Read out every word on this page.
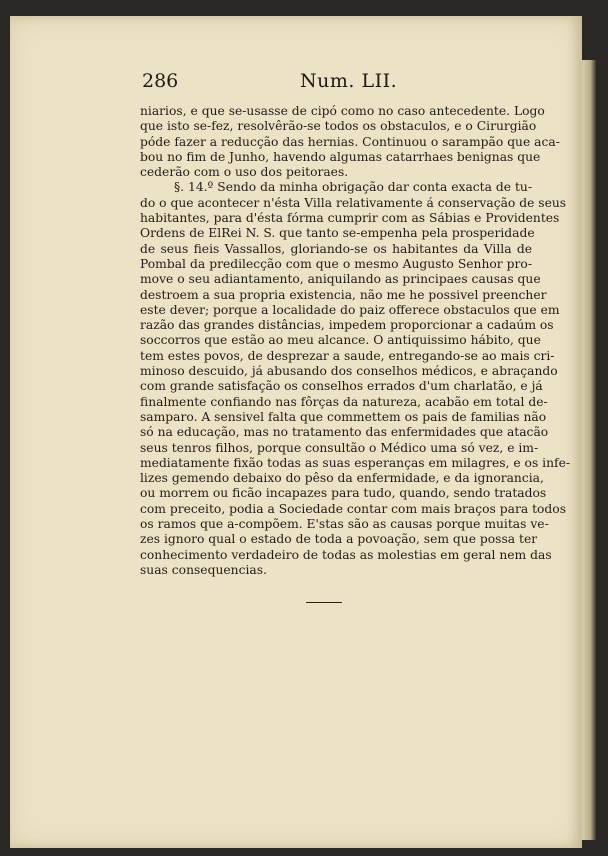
286	Num. LII.
niarios, e que se-usasse de cipó como no caso antecedente. Logo
que isto se-fez, resolvêrão-se todos os obstaculos, e o Cirurgião
póde fazer a reducção das hernias. Continuou o sarampão que aca-
bou no fim de Junho, havendo algumas catarrhaes benignas que
cederão com o uso dos peitoraes.
§. 14.º Sendo da minha obrigação dar conta exacta de tu-
do o que acontecer n'ésta Villa relativamente á conservação de seus
habitantes, para d'ésta fórma cumprir com as Sábias e Providentes
Ordens de ElRei N. S. que tanto se-empenha pela prosperidade
de seus fieis Vassallos, gloriando-se os habitantes da Villa de
Pombal da predilecção com que o mesmo Augusto Senhor pro-
move o seu adiantamento, aniquilando as principaes causas que
destroem a sua propria existencia, não me he possivel preencher
este dever; porque a localidade do paiz offerece obstaculos que em
razão das grandes distâncias, impedem proporcionar a cadaúm os
soccorros que estão ao meu alcance. O antiquissimo hábito, que
tem estes povos, de desprezar a saude, entregando-se ao mais cri-
minoso descuido, já abusando dos conselhos médicos, e abraçando
com grande satisfação os conselhos errados d'um charlatão, e já
finalmente confiando nas fôrças da natureza, acabão em total de-
samparo. A sensivel falta que commettem os pais de familias não
só na educação, mas no tratamento das enfermidades que atacão
seus tenros filhos, porque consultão o Médico uma só vez, e im-
mediatamente fixão todas as suas esperanças em milagres, e os infe-
lizes gemendo debaixo do pêso da enfermidade, e da ignorancia,
ou morrem ou ficão incapazes para tudo, quando, sendo tratados
com preceito, podia a Sociedade contar com mais braços para todos
os ramos que a-compõem. E'stas são as causas porque muitas ve-
zes ignoro qual o estado de toda a povoação, sem que possa ter
conhecimento verdadeiro de todas as molestias em geral nem das
suas consequencias.
